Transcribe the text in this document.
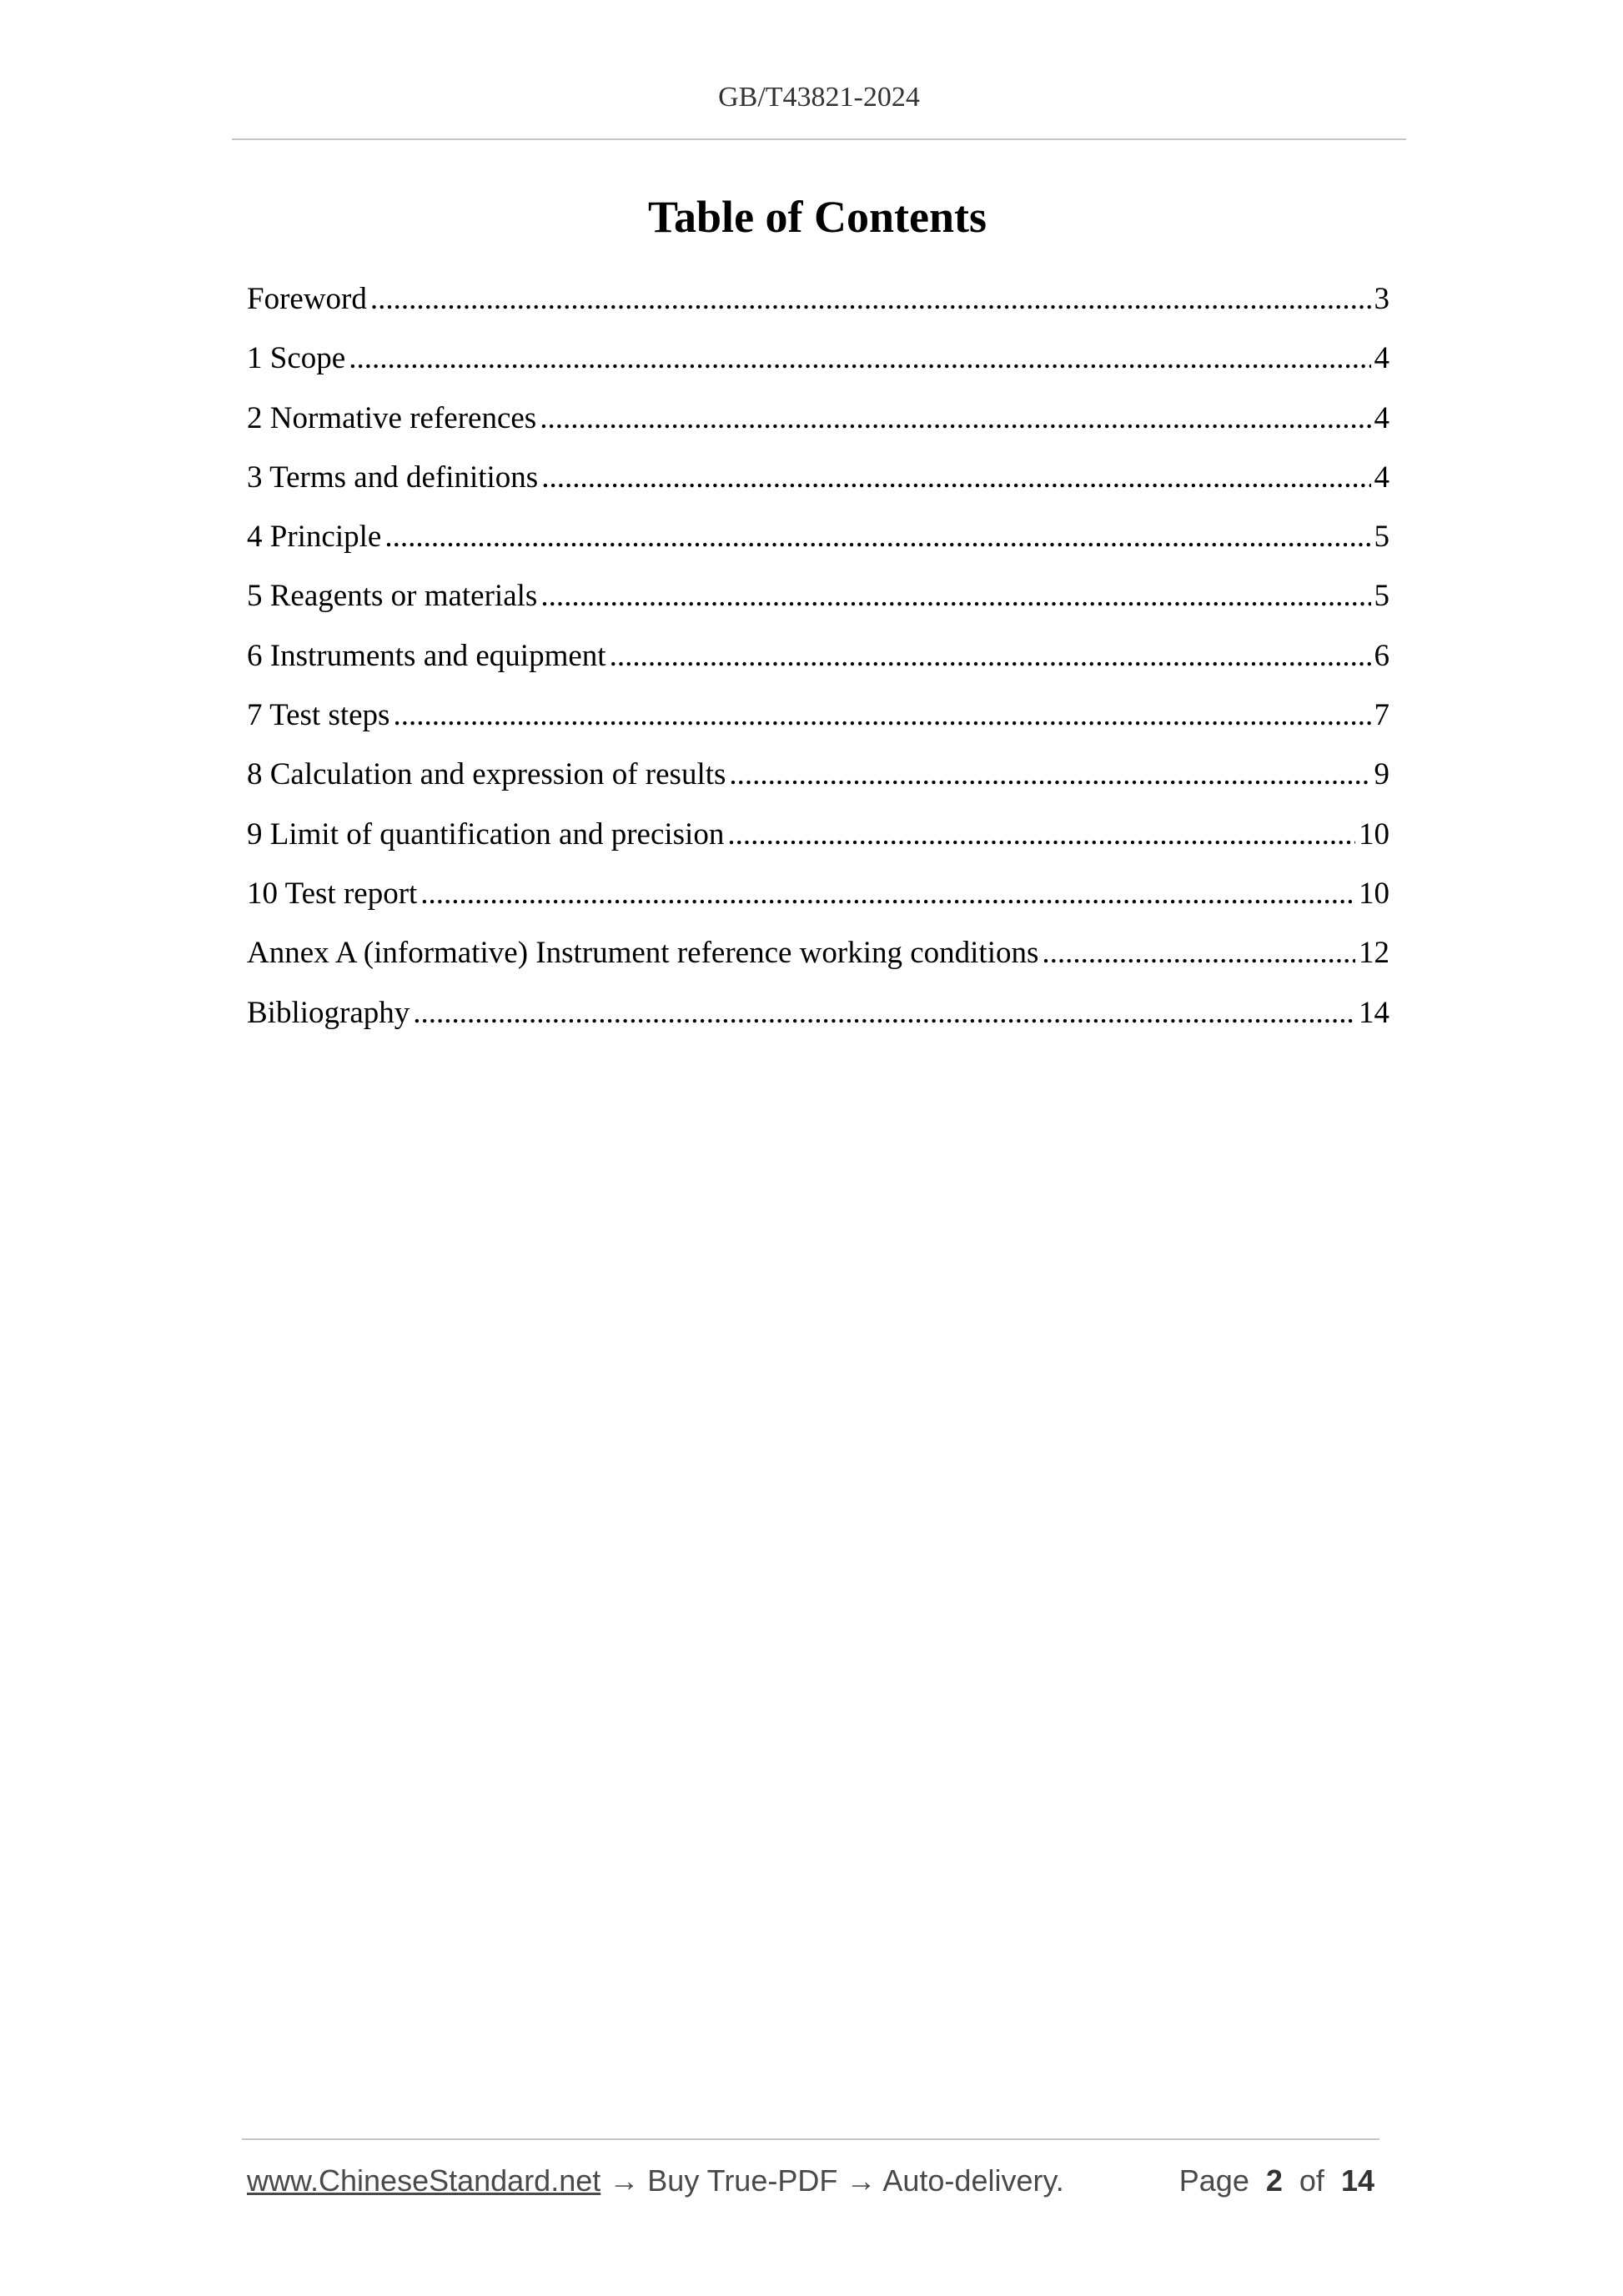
GB/T43821-2024
Table of Contents
Foreword .....	3
1 Scope .....	4
2 Normative references .....	4
3 Terms and definitions .....	4
4 Principle .....	5
5 Reagents or materials .....	5
6 Instruments and equipment .....	6
7 Test steps .....	7
8 Calculation and expression of results .....	9
9 Limit of quantification and precision .....	10
10 Test report .....	10
Annex A (informative) Instrument reference working conditions .....	12
Bibliography .....	14
www.ChineseStandard.net → Buy True-PDF → Auto-delivery.	Page 2 of 14
